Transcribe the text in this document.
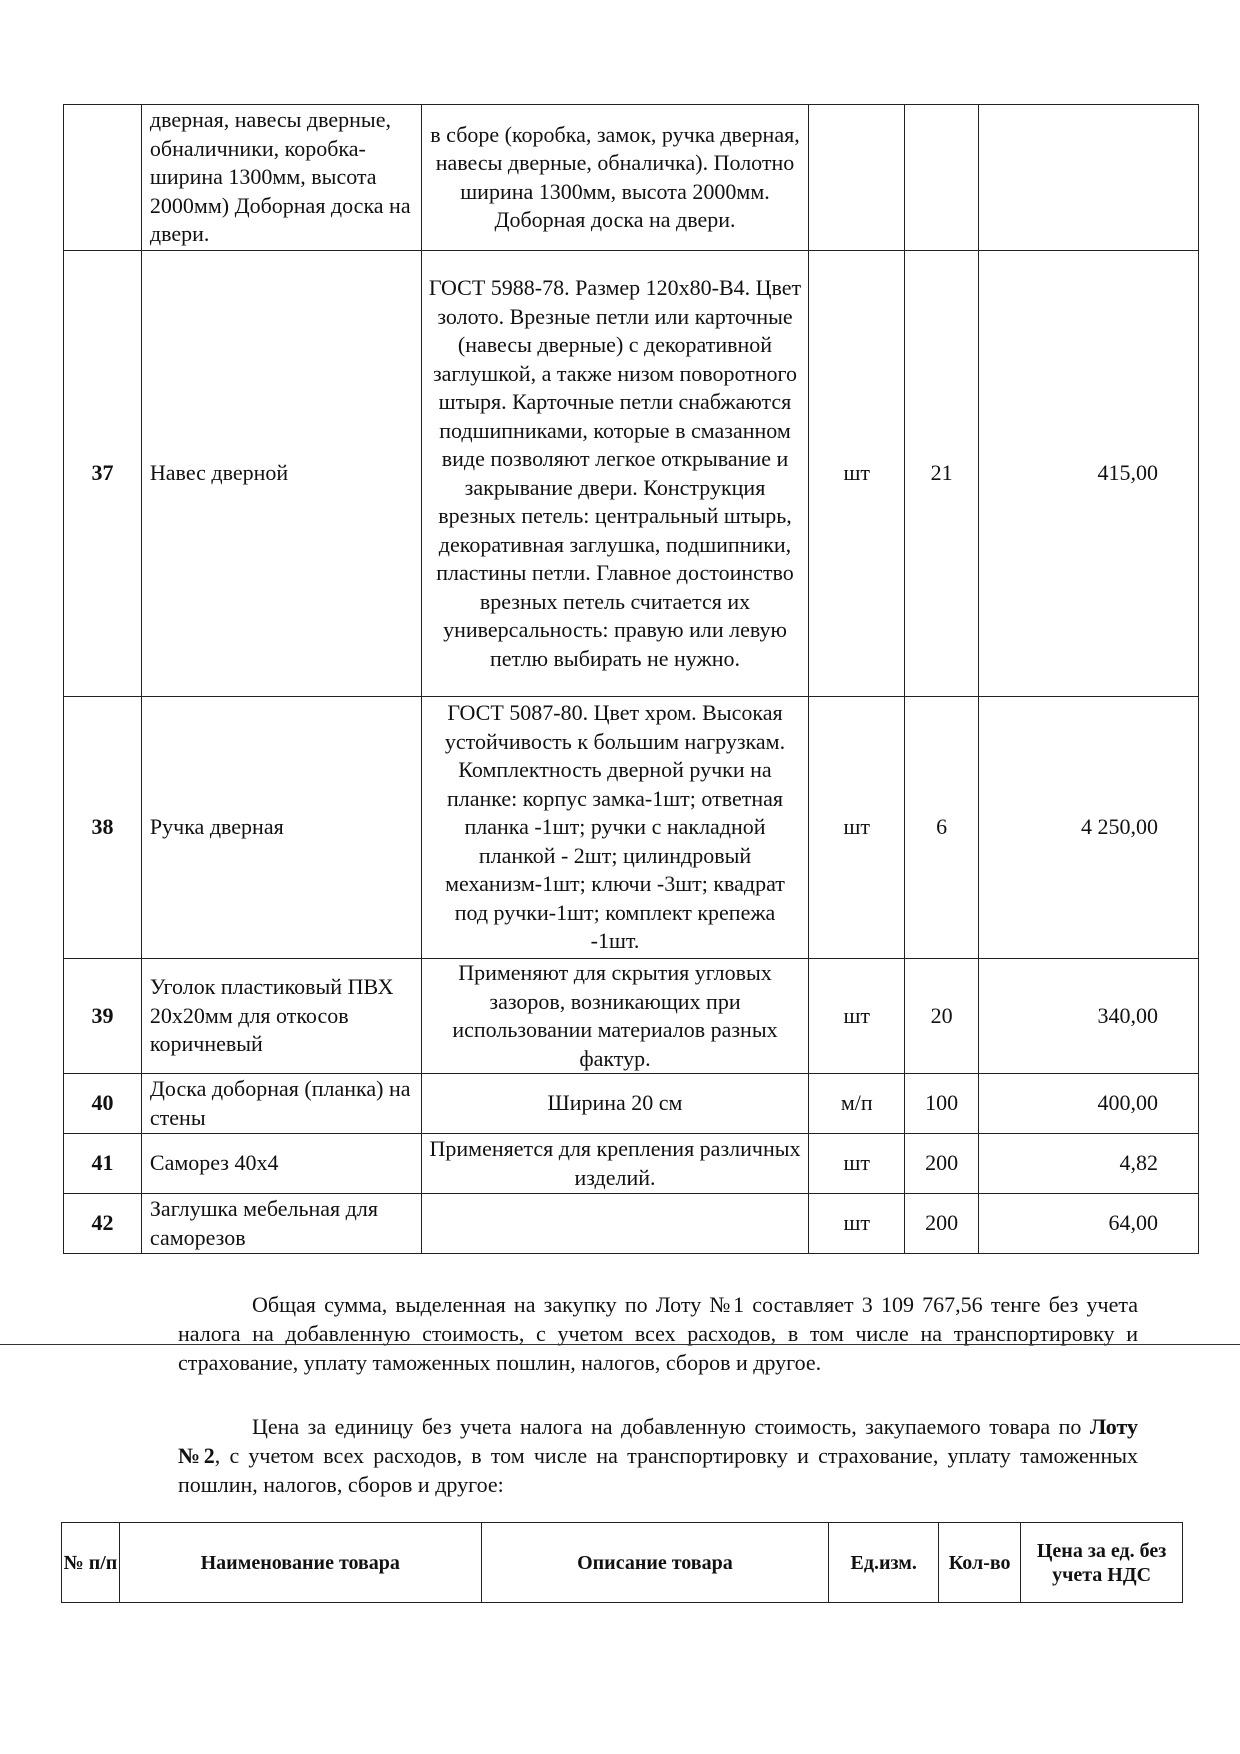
	дверная, навесы дверные, обналичники, коробка-ширина 1300мм, высота 2000мм) Доборная доска на двери.	в сборе (коробка, замок, ручка дверная, навесы дверные, обналичка). Полотно ширина 1300мм, высота 2000мм. Доборная доска на двери.			
37	Навес дверной	ГОСТ 5988-78. Размер 120х80-В4. Цвет золото. Врезные петли или карточные (навесы дверные) с декоративной заглушкой, а также низом поворотного штыря. Карточные петли снабжаются подшипниками, которые в смазанном виде позволяют легкое открывание и закрывание двери. Конструкция врезных петель: центральный штырь, декоративная заглушка, подшипники, пластины петли. Главное достоинство врезных петель считается их универсальность: правую или левую петлю выбирать не нужно.	шт	21	415,00
38	Ручка дверная	ГОСТ 5087-80. Цвет хром. Высокая устойчивость к большим нагрузкам. Комплектность дверной ручки на планке: корпус замка-1шт; ответная планка -1шт; ручки с накладной планкой - 2шт; цилиндровый механизм-1шт; ключи -3шт; квадрат под ручки-1шт; комплект крепежа -1шт.	шт	6	4 250,00
39	Уголок пластиковый ПВХ 20х20мм для откосов коричневый	Применяют для скрытия угловых зазоров, возникающих при использовании материалов разных фактур.	шт	20	340,00
40	Доска доборная (планка) на стены	Ширина 20 см	м/п	100	400,00
41	Саморез 40х4	Применяется для крепления различных изделий.	шт	200	4,82
42	Заглушка мебельная для саморезов		шт	200	64,00
Общая сумма, выделенная на закупку по Лоту №1 составляет 3 109 767,56 тенге без учета налога на добавленную стоимость, с учетом всех расходов, в том числе на транспортировку и страхование, уплату таможенных пошлин, налогов, сборов и другое.
Цена за единицу без учета налога на добавленную стоимость, закупаемого товара по Лоту №2, с учетом всех расходов, в том числе на транспортировку и страхование, уплату таможенных пошлин, налогов, сборов и другое:
№ п/п	Наименование товара	Описание товара	Ед.изм.	Кол-во	Цена за ед. без учета НДС
